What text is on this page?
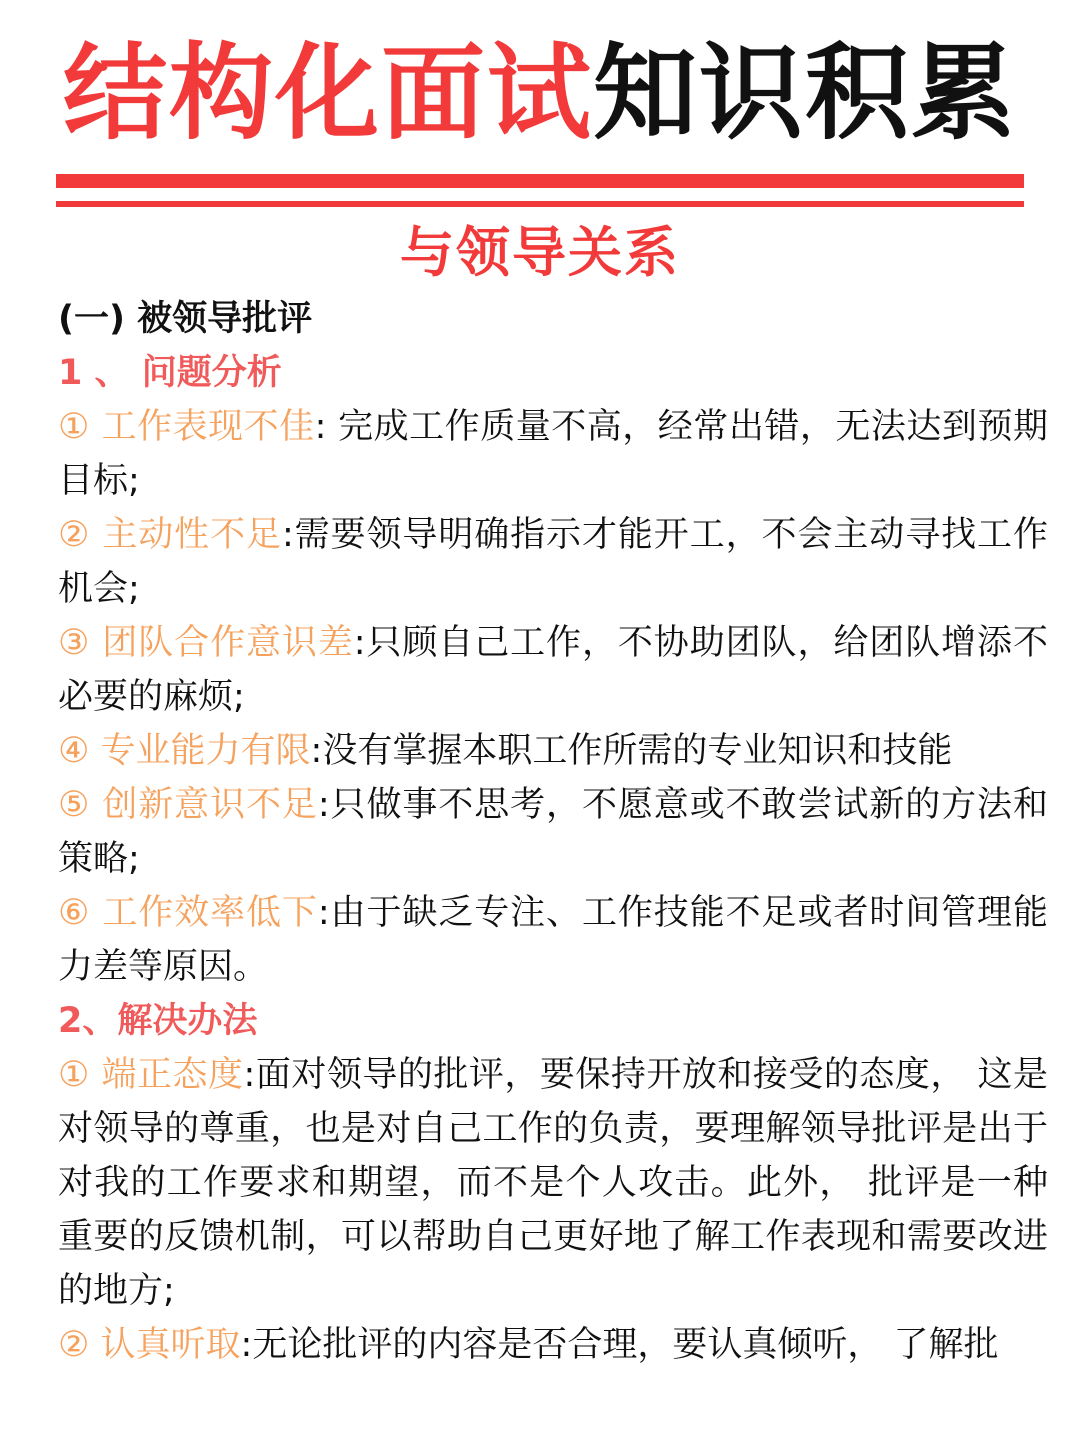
结构化面试知识积累
与领导关系

(一) 被领导批评

1 、 问题分析

① 工作表现不佳: 完成工作质量不高，经常出错，无法达到预期目标;

② 主动性不足:需要领导明确指示才能开工，不会主动寻找工作机会;

③ 团队合作意识差:只顾自己工作，不协助团队，给团队增添不必要的麻烦;

④ 专业能力有限:没有掌握本职工作所需的专业知识和技能

⑤ 创新意识不足:只做事不思考，不愿意或不敢尝试新的方法和策略;

⑥ 工作效率低下:由于缺乏专注、工作技能不足或者时间管理能力差等原因。

2、解决办法

① 端正态度:面对领导的批评，要保持开放和接受的态度， 这是对领导的尊重，也是对自己工作的负责，要理解领导批评是出于对我的工作要求和期望，而不是个人攻击。此外， 批评是一种重要的反馈机制，可以帮助自己更好地了解工作表现和需要改进的地方;

② 认真听取:无论批评的内容是否合理，要认真倾听， 了解批
